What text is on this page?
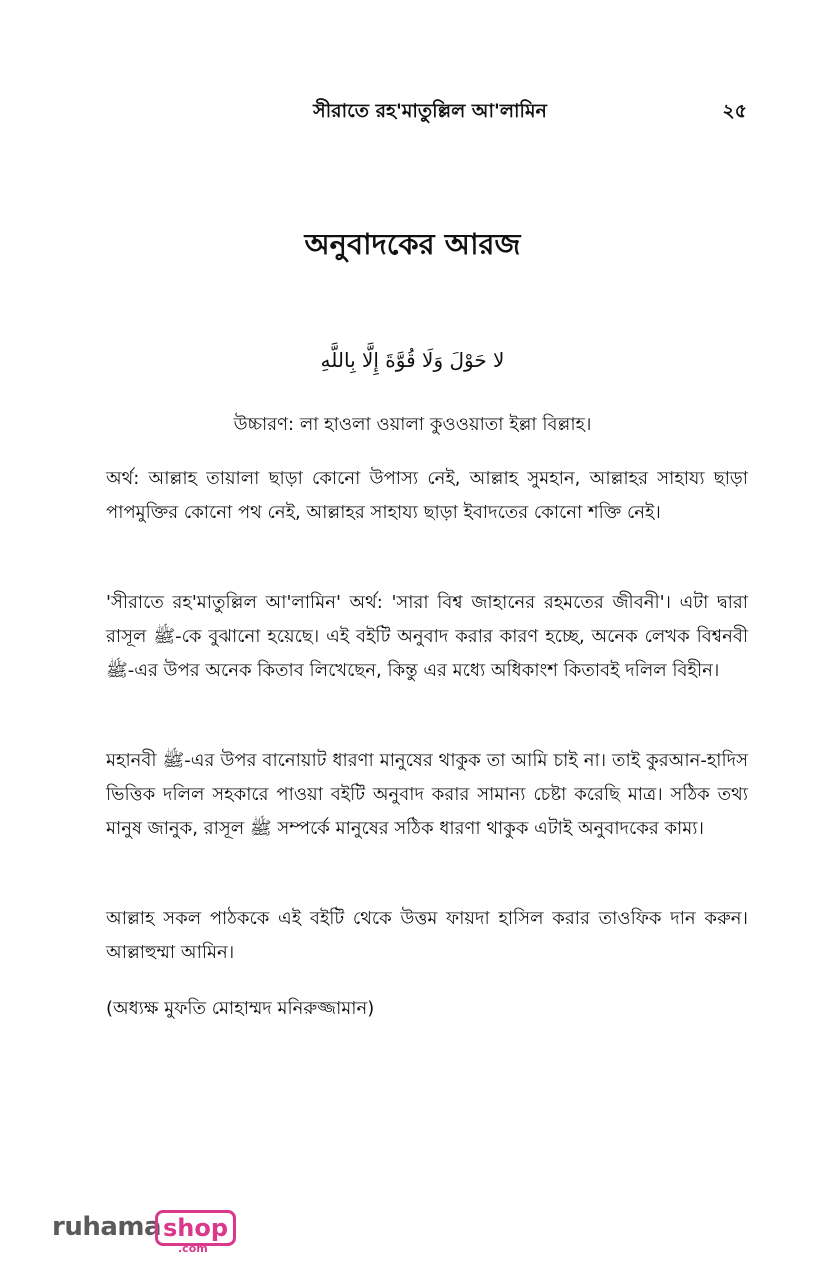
সীরাতে রহ'মাতুল্লিল আ'লামিন	২৫
অনুবাদকের আরজ
لا حَوْلَ وَلَا قُوَّةَ إِلَّا بِاللَّهِ
উচ্চারণ: লা হাওলা ওয়ালা কুওওয়াতা ইল্লা বিল্লাহ।

অর্থ: আল্লাহ তায়ালা ছাড়া কোনো উপাস্য নেই, আল্লাহ সুমহান, আল্লাহর সাহায্য ছাড়া পাপমুক্তির কোনো পথ নেই, আল্লাহর সাহায্য ছাড়া ইবাদতের কোনো শক্তি নেই।

'সীরাতে রহ'মাতুল্লিল আ'লামিন' অর্থ: 'সারা বিশ্ব জাহানের রহমতের জীবনী'। এটা দ্বারা রাসূল ﷺ-কে বুঝানো হয়েছে। এই বইটি অনুবাদ করার কারণ হচ্ছে, অনেক লেখক বিশ্বনবী ﷺ-এর উপর অনেক কিতাব লিখেছেন, কিন্তু এর মধ্যে অধিকাংশ কিতাবই দলিল বিহীন।

মহানবী ﷺ-এর উপর বানোয়াট ধারণা মানুষের থাকুক তা আমি চাই না। তাই কুরআন-হাদিস ভিত্তিক দলিল সহকারে পাওয়া বইটি অনুবাদ করার সামান্য চেষ্টা করেছি মাত্র। সঠিক তথ্য মানুষ জানুক, রাসূল ﷺ সম্পর্কে মানুষের সঠিক ধারণা থাকুক এটাই অনুবাদকের কাম্য।

আল্লাহ সকল পাঠককে এই বইটি থেকে উত্তম ফায়দা হাসিল করার তাওফিক দান করুন। আল্লাহুম্মা আমিন।

(অধ্যক্ষ মুফতি মোহাম্মদ মনিরুজ্জামান)
ruhama shop
.com
